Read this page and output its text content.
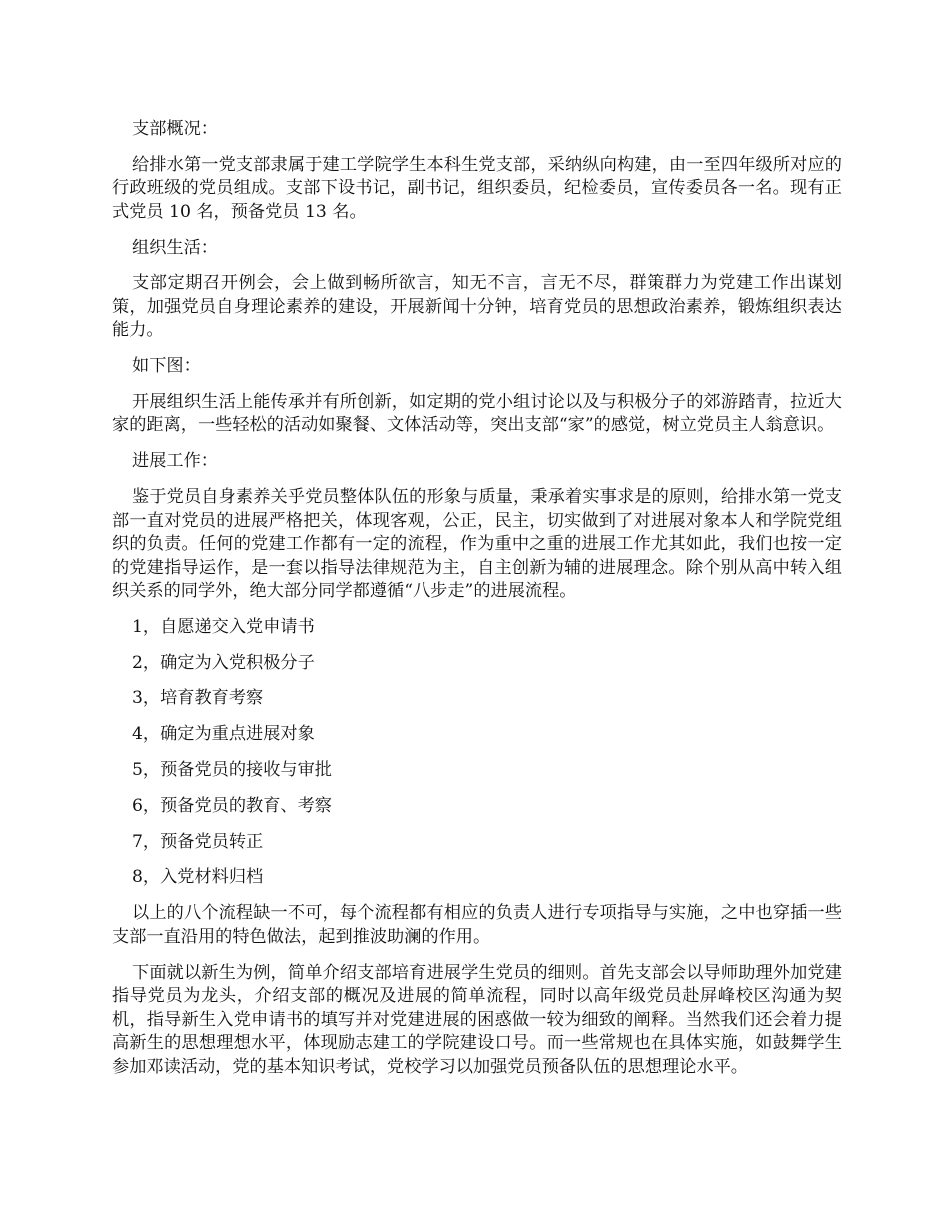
支部概况：

给排水第一党支部隶属于建工学院学生本科生党支部，采纳纵向构建，由一至四年级所对应的行政班级的党员组成。支部下设书记，副书记，组织委员，纪检委员，宣传委员各一名。现有正式党员 10 名，预备党员 13 名。

组织生活：

支部定期召开例会，会上做到畅所欲言，知无不言，言无不尽，群策群力为党建工作出谋划策，加强党员自身理论素养的建设，开展新闻十分钟，培育党员的思想政治素养，锻炼组织表达能力。

如下图：

开展组织生活上能传承并有所创新，如定期的党小组讨论以及与积极分子的郊游踏青，拉近大家的距离，一些轻松的活动如聚餐、文体活动等，突出支部“家”的感觉，树立党员主人翁意识。

进展工作：

鉴于党员自身素养关乎党员整体队伍的形象与质量，秉承着实事求是的原则，给排水第一党支部一直对党员的进展严格把关，体现客观，公正，民主，切实做到了对进展对象本人和学院党组织的负责。任何的党建工作都有一定的流程，作为重中之重的进展工作尤其如此，我们也按一定的党建指导运作，是一套以指导法律规范为主，自主创新为辅的进展理念。除个别从高中转入组织关系的同学外，绝大部分同学都遵循“八步走”的进展流程。

1，自愿递交入党申请书

2，确定为入党积极分子

3，培育教育考察

4，确定为重点进展对象

5，预备党员的接收与审批

6，预备党员的教育、考察

7，预备党员转正

8，入党材料归档

以上的八个流程缺一不可，每个流程都有相应的负责人进行专项指导与实施，之中也穿插一些支部一直沿用的特色做法，起到推波助澜的作用。

下面就以新生为例，简单介绍支部培育进展学生党员的细则。首先支部会以导师助理外加党建指导党员为龙头，介绍支部的概况及进展的简单流程，同时以高年级党员赴屏峰校区沟通为契机，指导新生入党申请书的填写并对党建进展的困惑做一较为细致的阐释。当然我们还会着力提高新生的思想理想水平，体现励志建工的学院建设口号。而一些常规也在具体实施，如鼓舞学生参加邓读活动，党的基本知识考试，党校学习以加强党员预备队伍的思想理论水平。
